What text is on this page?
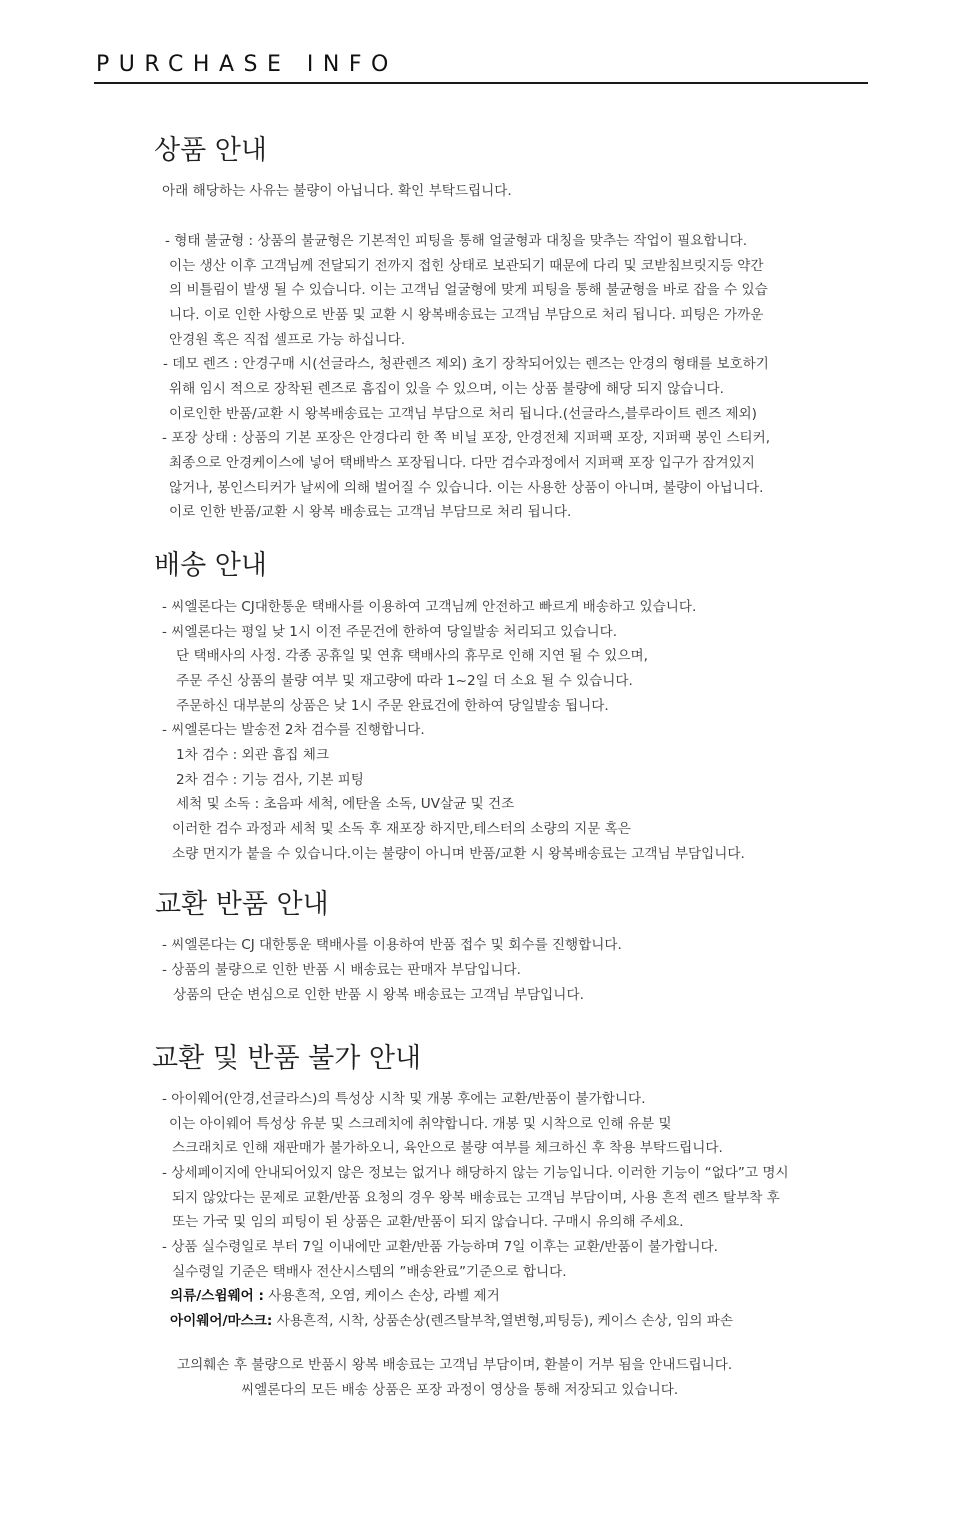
PURCHASE INFO
상품 안내

아래 해당하는 사유는 불량이 아닙니다. 확인 부탁드립니다.

- 형태 불균형 : 상품의 불균형은 기본적인 피팅을 통해 얼굴형과 대칭을 맞추는 작업이 필요합니다.

이는 생산 이후 고객님께 전달되기 전까지 접힌 상태로 보관되기 때문에 다리 및 코받침브릿지등 약간

의 비틀림이 발생 될 수 있습니다. 이는 고객님 얼굴형에 맞게 피팅을 통해 불균형을 바로 잡을 수 있습

니다. 이로 인한 사항으로 반품 및 교환 시 왕복배송료는 고객님 부담으로 처리 됩니다. 피팅은 가까운

안경원 혹은 직접 셀프로 가능 하십니다.

- 데모 렌즈 : 안경구매 시(선글라스, 청관렌즈 제외) 초기 장착되어있는 렌즈는 안경의 형태를 보호하기

위해 임시 적으로 장착된 렌즈로 흠집이 있을 수 있으며, 이는 상품 불량에 해당 되지 않습니다.

이로인한 반품/교환 시 왕복배송료는 고객님 부담으로 처리 됩니다.(선글라스,블루라이트 렌즈 제외)

- 포장 상태 : 상품의 기본 포장은 안경다리 한 쪽 비닐 포장, 안경전체 지퍼팩 포장, 지퍼팩 봉인 스티커,

최종으로 안경케이스에 넣어 택배박스 포장됩니다. 다만 검수과정에서 지퍼팩 포장 입구가 잠겨있지

않거나, 봉인스티커가 날씨에 의해 벌어질 수 있습니다. 이는 사용한 상품이 아니며, 불량이 아닙니다.

이로 인한 반품/교환 시 왕복 배송료는 고객님 부담므로 처리 됩니다.

배송 안내

- 씨엘론다는 CJ대한통운 택배사를 이용하여 고객님께 안전하고 빠르게 배송하고 있습니다.

- 씨엘론다는 평일 낮 1시 이전 주문건에 한하여 당일발송 처리되고 있습니다.

단 택배사의 사정. 각종 공휴일 및 연휴 택배사의 휴무로 인해 지연 될 수 있으며,

주문 주신 상품의 불량 여부 및 재고량에 따라 1~2일 더 소요 될 수 있습니다.

주문하신 대부분의 상품은 낮 1시 주문 완료건에 한하여 당일발송 됩니다.

- 씨엘론다는 발송전 2차 검수를 진행합니다.

1차 검수 : 외관 흠집 체크

2차 검수 : 기능 검사, 기본 피팅

세척 및 소독 : 초음파 세척, 에탄올 소독, UV살균 및 건조

이러한 검수 과정과 세척 및 소독 후 재포장 하지만,테스터의 소량의 지문 혹은

소량 먼지가 붙을 수 있습니다.이는 불량이 아니며 반품/교환 시 왕복배송료는 고객님 부담입니다.

교환 반품 안내

- 씨엘론다는 CJ 대한통운 택배사를 이용하여 반품 접수 및 회수를 진행합니다.

- 상품의 불량으로 인한 반품 시 배송료는 판매자 부담입니다.

상품의 단순 변심으로 인한 반품 시 왕복 배송료는 고객님 부담입니다.

교환 및 반품 불가 안내

- 아이웨어(안경,선글라스)의 특성상 시착 및 개봉 후에는 교환/반품이 불가합니다.

이는 아이웨어 특성상 유분 및 스크레치에 취약합니다. 개봉 및 시착으로 인해 유분 및

스크래치로 인해 재판매가 불가하오니, 육안으로 불량 여부를 체크하신 후 착용 부탁드립니다.

- 상세페이지에 안내되어있지 않은 정보는 없거나 해당하지 않는 기능입니다. 이러한 기능이 “없다”고 명시

되지 않았다는 문제로 교환/반품 요청의 경우 왕복 배송료는 고객님 부담이며, 사용 흔적 렌즈 탈부착 후

또는 가국 및 임의 피팅이 된 상품은 교환/반품이 되지 않습니다. 구매시 유의해 주세요.

- 상품 실수령일로 부터 7일 이내에만 교환/반품 가능하며 7일 이후는 교환/반품이 불가합니다.

실수령일 기준은 택배사 전산시스템의 ”배송완료”기준으로 합니다.

의류/스윔웨어 : 사용흔적, 오염, 케이스 손상, 라벨 제거

아이웨어/마스크: 사용흔적, 시착, 상품손상(렌즈탈부착,열변형,피팅등), 케이스 손상, 임의 파손

고의훼손 후 불량으로 반품시 왕복 배송료는 고객님 부담이며, 환불이 거부 됨을 안내드립니다.

씨엘론다의 모든 배송 상품은 포장 과정이 영상을 통해 저장되고 있습니다.
